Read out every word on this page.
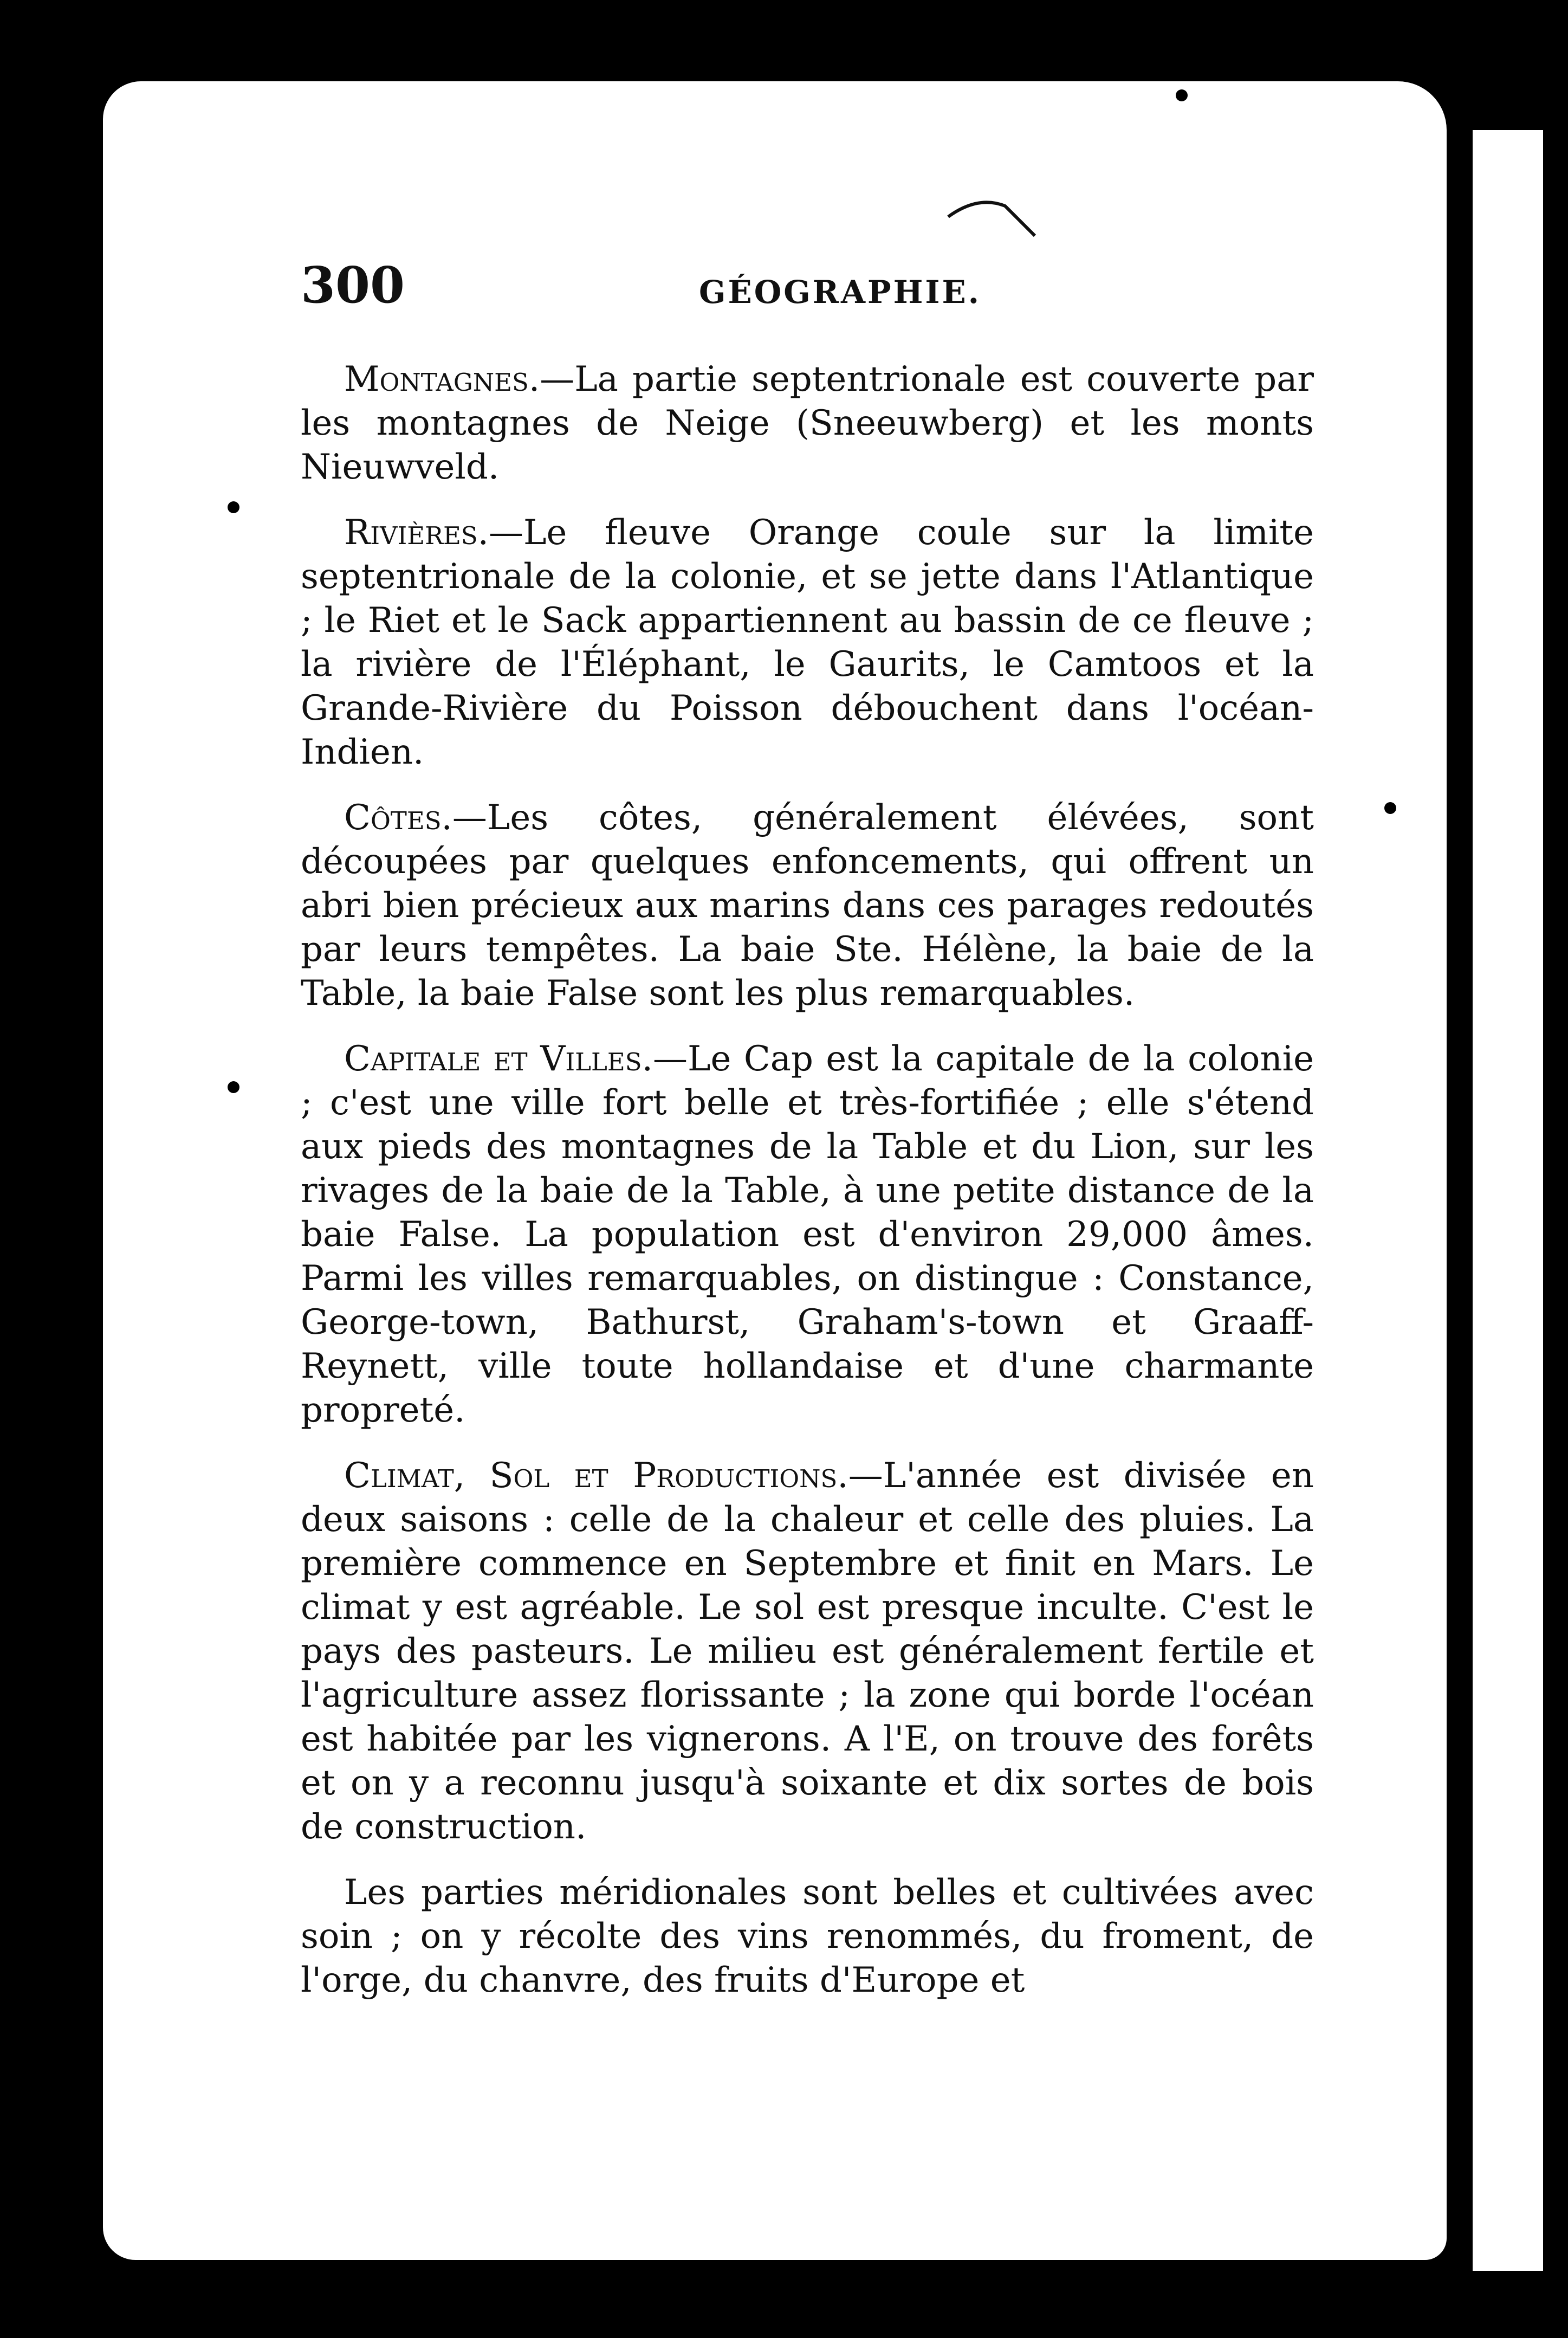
300	GÉOGRAPHIE.

Montagnes.—La partie septentrionale est couverte par les montagnes de Neige (Sneeuwberg) et les monts Nieuwveld.

Rivières.—Le fleuve Orange coule sur la limite septentrionale de la colonie, et se jette dans l'Atlantique ; le Riet et le Sack appartiennent au bassin de ce fleuve ; la rivière de l'Éléphant, le Gaurits, le Camtoos et la Grande-Rivière du Poisson débouchent dans l'océan-Indien.

Côtes.—Les côtes, généralement élévées, sont découpées par quelques enfoncements, qui offrent un abri bien précieux aux marins dans ces parages redoutés par leurs tempêtes. La baie Ste. Hélène, la baie de la Table, la baie False sont les plus remarquables.

Capitale et Villes.—Le Cap est la capitale de la colonie ; c'est une ville fort belle et très-fortifiée ; elle s'étend aux pieds des montagnes de la Table et du Lion, sur les rivages de la baie de la Table, à une petite distance de la baie False. La population est d'environ 29,000 âmes. Parmi les villes remarquables, on distingue : Constance, George-town, Bathurst, Graham's-town et Graaff-Reynett, ville toute hollandaise et d'une charmante propreté.

Climat, Sol et Productions.—L'année est divisée en deux saisons : celle de la chaleur et celle des pluies. La première commence en Septembre et finit en Mars. Le climat y est agréable. Le sol est presque inculte. C'est le pays des pasteurs. Le milieu est généralement fertile et l'agriculture assez florissante ; la zone qui borde l'océan est habitée par les vignerons. A l'E, on trouve des forêts et on y a reconnu jusqu'à soixante et dix sortes de bois de construction.

Les parties méridionales sont belles et cultivées avec soin ; on y récolte des vins renommés, du froment, de l'orge, du chanvre, des fruits d'Europe et
